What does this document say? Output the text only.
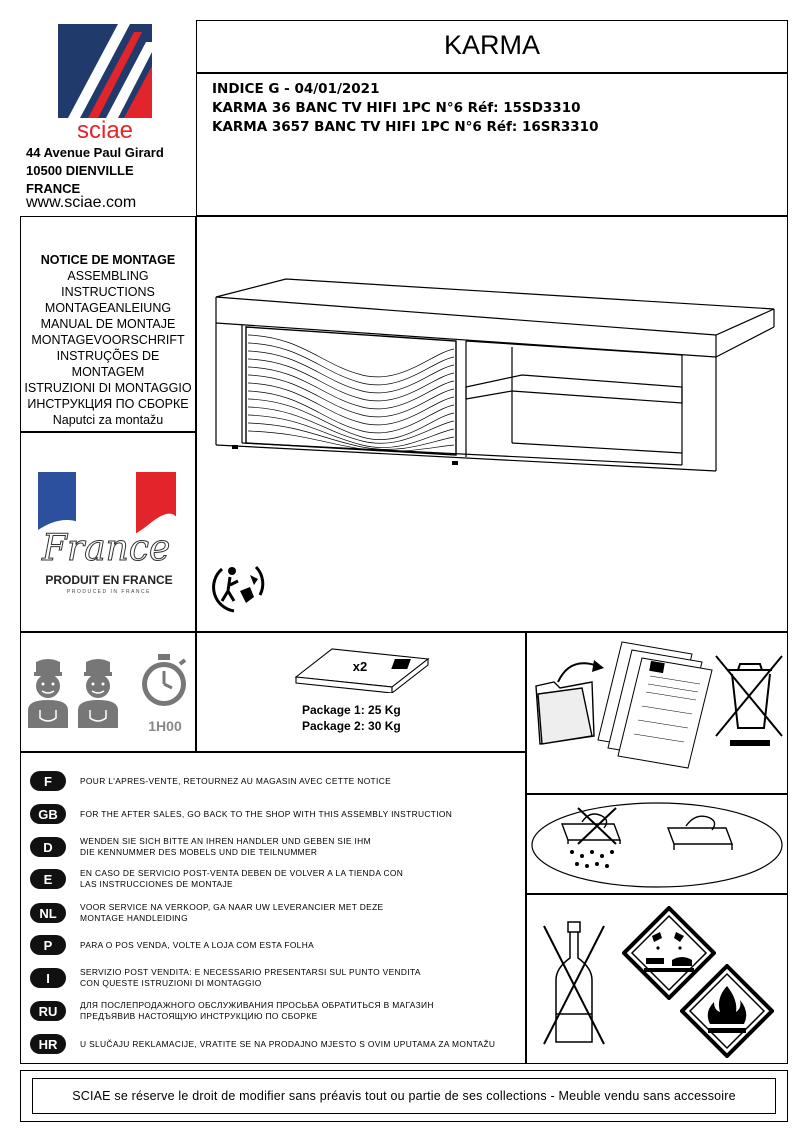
sciae
44 Avenue Paul Girard
10500 DIENVILLE
FRANCE
www.sciae.com
KARMA
INDICE G - 04/01/2021
KARMA 36 BANC TV HIFI 1PC N°6 Réf: 15SD3310
KARMA 3657 BANC TV HIFI 1PC N°6 Réf: 16SR3310
NOTICE DE MONTAGE
ASSEMBLING INSTRUCTIONS
MONTAGEANLEIUNG
MANUAL DE MONTAJE
MONTAGEVOORSCHRIFT
INSTRUÇÕES DE MONTAGEM
ISTRUZIONI DI MONTAGGIO
ИНСТРУКЦИЯ ПО СБОРКЕ
Naputci za montažu
France
PRODUIT EN FRANCE
PRODUCED IN FRANCE
1H00
x2
Package 1: 25 Kg
Package 2: 30 Kg
F	POUR L'APRES-VENTE, RETOURNEZ AU MAGASIN AVEC CETTE NOTICE
GB	FOR THE AFTER SALES, GO BACK TO THE SHOP WITH THIS ASSEMBLY INSTRUCTION
D	WENDEN SIE SICH BITTE AN IHREN HANDLER UND GEBEN SIE IHM
DIE KENNUMMER DES MOBELS UND DIE TEILNUMMER
E	EN CASO DE SERVICIO POST-VENTA DEBEN DE VOLVER A LA TIENDA CON
LAS INSTRUCCIONES DE MONTAJE
NL	VOOR SERVICE NA VERKOOP, GA NAAR UW LEVERANCIER MET DEZE
MONTAGE HANDLEIDING
P	PARA O POS VENDA, VOLTE A LOJA COM ESTA FOLHA
I	SERVIZIO POST VENDITA: E NECESSARIO PRESENTARSI SUL PUNTO VENDITA
CON QUESTE ISTRUZIONI DI MONTAGGIO
RU	ДЛЯ ПОСЛЕПРОДАЖНОГО ОБСЛУЖИВАНИЯ ПРОСЬБА ОБРАТИТЬСЯ В МАГАЗИН
ПРЕДЪЯВИВ НАСТОЯЩУЮ ИНСТРУКЦИЮ ПО СБОРКЕ
HR	U SLUČAJU REKLAMACIJE, VRATITE SE NA PRODAJNO MJESTO S OVIM UPUTAMA ZA MONTAŽU
SCIAE se réserve le droit de modifier sans préavis tout ou partie de ses collections - Meuble vendu sans accessoire
